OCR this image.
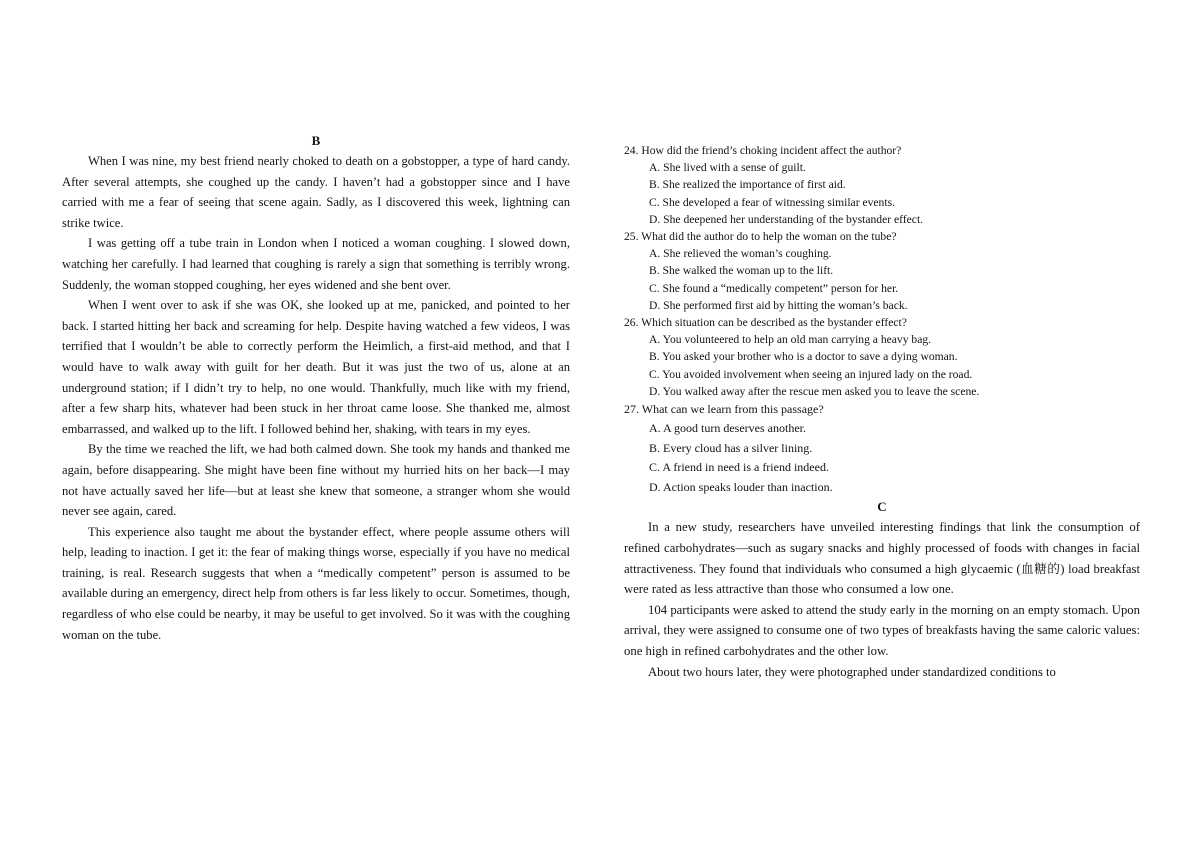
B

When I was nine, my best friend nearly choked to death on a gobstopper, a type of hard candy. After several attempts, she coughed up the candy. I haven’t had a gobstopper since and I have carried with me a fear of seeing that scene again. Sadly, as I discovered this week, lightning can strike twice.

I was getting off a tube train in London when I noticed a woman coughing. I slowed down, watching her carefully. I had learned that coughing is rarely a sign that something is terribly wrong. Suddenly, the woman stopped coughing, her eyes widened and she bent over.

When I went over to ask if she was OK, she looked up at me, panicked, and pointed to her back. I started hitting her back and screaming for help. Despite having watched a few videos, I was terrified that I wouldn’t be able to correctly perform the Heimlich, a first-aid method, and that I would have to walk away with guilt for her death. But it was just the two of us, alone at an underground station; if I didn’t try to help, no one would. Thankfully, much like with my friend, after a few sharp hits, whatever had been stuck in her throat came loose. She thanked me, almost embarrassed, and walked up to the lift. I followed behind her, shaking, with tears in my eyes.

By the time we reached the lift, we had both calmed down. She took my hands and thanked me again, before disappearing. She might have been fine without my hurried hits on her back—I may not have actually saved her life—but at least she knew that someone, a stranger whom she would never see again, cared.

This experience also taught me about the bystander effect, where people assume others will help, leading to inaction. I get it: the fear of making things worse, especially if you have no medical training, is real. Research suggests that when a “medically competent” person is assumed to be available during an emergency, direct help from others is far less likely to occur. Sometimes, though, regardless of who else could be nearby, it may be useful to get involved. So it was with the coughing woman on the tube.

24. How did the friend’s choking incident affect the author?

A. She lived with a sense of guilt.

B. She realized the importance of first aid.

C. She developed a fear of witnessing similar events.

D. She deepened her understanding of the bystander effect.

25. What did the author do to help the woman on the tube?

A. She relieved the woman’s coughing.

B. She walked the woman up to the lift.

C. She found a “medically competent” person for her.

D. She performed first aid by hitting the woman’s back.

26. Which situation can be described as the bystander effect?

A. You volunteered to help an old man carrying a heavy bag.

B. You asked your brother who is a doctor to save a dying woman.

C. You avoided involvement when seeing an injured lady on the road.

D. You walked away after the rescue men asked you to leave the scene.

27. What can we learn from this passage?

A. A good turn deserves another.

B. Every cloud has a silver lining.

C. A friend in need is a friend indeed.

D. Action speaks louder than inaction.

C

In a new study, researchers have unveiled interesting findings that link the consumption of refined carbohydrates—such as sugary snacks and highly processed of foods with changes in facial attractiveness. They found that individuals who consumed a high glycaemic (血糖的) load breakfast were rated as less attractive than those who consumed a low one.

104 participants were asked to attend the study early in the morning on an empty stomach. Upon arrival, they were assigned to consume one of two types of breakfasts having the same caloric values: one high in refined carbohydrates and the other low.

About two hours later, they were photographed under standardized conditions to
